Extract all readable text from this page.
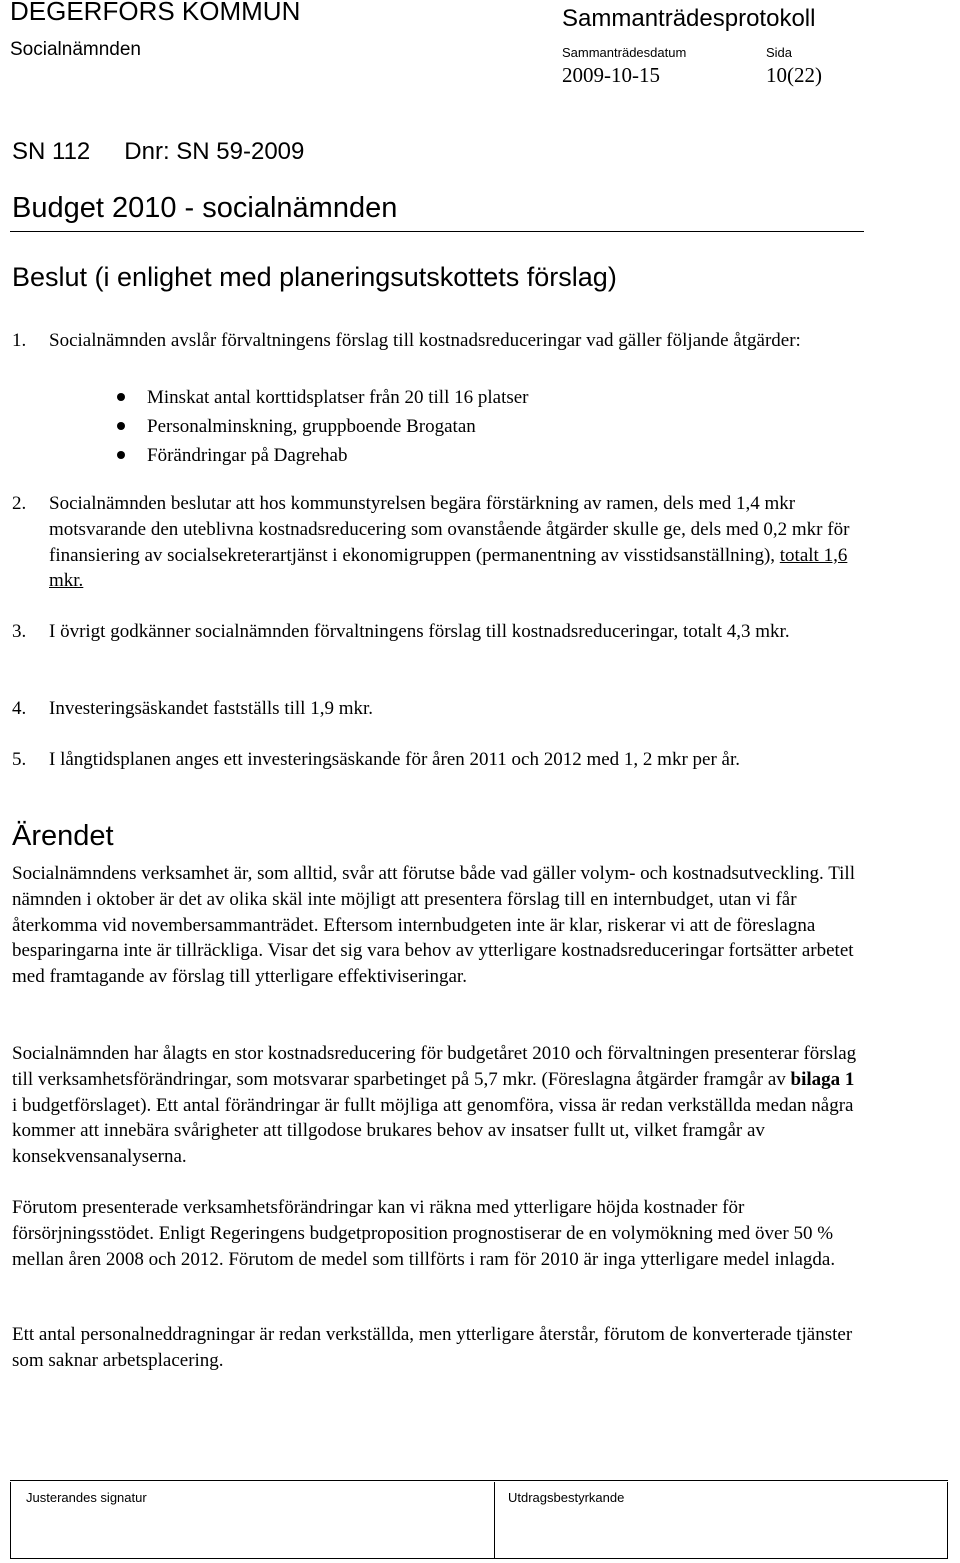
DEGERFORS KOMMUN
Socialnämnden
Sammanträdesprotokoll
Sammanträdesdatum	Sida
2009-10-15	10(22)
SN 112 Dnr: SN 59-2009
Budget 2010 - socialnämnden
Beslut (i enlighet med planeringsutskottets förslag)
1. Socialnämnden avslår förvaltningens förslag till kostnadsreduceringar vad gäller följande åtgärder:
Minskat antal korttidsplatser från 20 till 16 platser
Personalminskning, gruppboende Brogatan
Förändringar på Dagrehab
2. Socialnämnden beslutar att hos kommunstyrelsen begära förstärkning av ramen, dels med 1,4 mkr motsvarande den uteblivna kostnadsreducering som ovanstående åtgärder skulle ge, dels med 0,2 mkr för finansiering av socialsekreterartjänst i ekonomigruppen (permanentning av visstidsanställning), totalt 1,6 mkr.
3. I övrigt godkänner socialnämnden förvaltningens förslag till kostnadsreduceringar, totalt 4,3 mkr.
4. Investeringsäskandet fastställs till 1,9 mkr.
5. I långtidsplanen anges ett investeringsäskande för åren 2011 och 2012 med 1, 2 mkr per år.
Ärendet
Socialnämndens verksamhet är, som alltid, svår att förutse både vad gäller volym- och kostnadsutveckling. Till nämnden i oktober är det av olika skäl inte möjligt att presentera förslag till en internbudget, utan vi får återkomma vid novembersammanträdet. Eftersom internbudgeten inte är klar, riskerar vi att de föreslagna besparingarna inte är tillräckliga. Visar det sig vara behov av ytterligare kostnadsreduceringar fortsätter arbetet med framtagande av förslag till ytterligare effektiviseringar.
Socialnämnden har ålagts en stor kostnadsreducering för budgetåret 2010 och förvaltningen presenterar förslag till verksamhetsförändringar, som motsvarar sparbetinget på 5,7 mkr. (Föreslagna åtgärder framgår av bilaga 1 i budgetförslaget). Ett antal förändringar är fullt möjliga att genomföra, vissa är redan verkställda medan några kommer att innebära svårigheter att tillgodose brukares behov av insatser fullt ut, vilket framgår av konsekvensanalyserna.
Förutom presenterade verksamhetsförändringar kan vi räkna med ytterligare höjda kostnader för försörjningsstödet. Enligt Regeringens budgetproposition prognostiserar de en volymökning med över 50 % mellan åren 2008 och 2012. Förutom de medel som tillförts i ram för 2010 är inga ytterligare medel inlagda.
Ett antal personalneddragningar är redan verkställda, men ytterligare återstår, förutom de konverterade tjänster som saknar arbetsplacering.
Justerandes signatur	Utdragsbestyrkande
